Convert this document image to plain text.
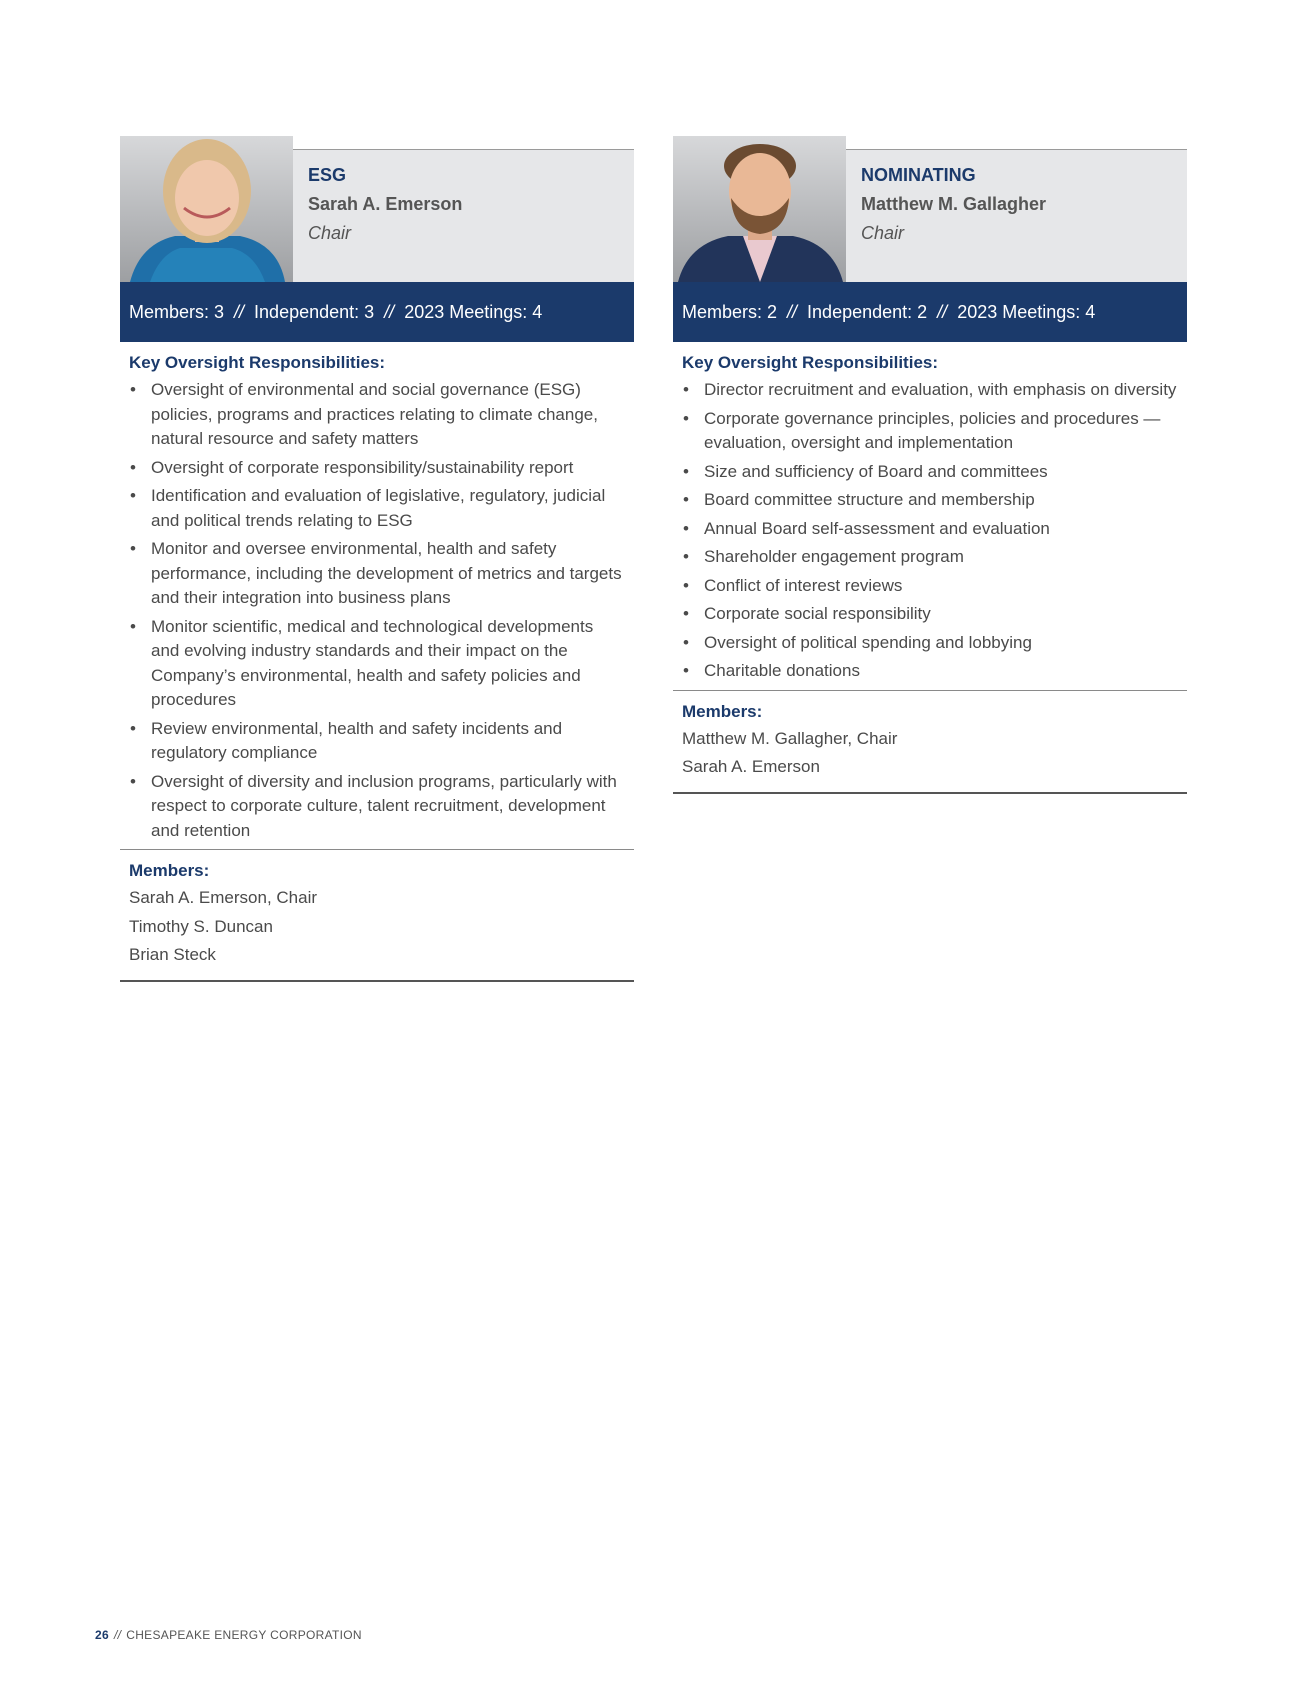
ESG
Sarah A. Emerson
Chair
Members: 3 // Independent: 3 // 2023 Meetings: 4
Key Oversight Responsibilities:
• Oversight of environmental and social governance (ESG) policies, programs and practices relating to climate change, natural resource and safety matters
• Oversight of corporate responsibility/sustainability report
• Identification and evaluation of legislative, regulatory, judicial and political trends relating to ESG
• Monitor and oversee environmental, health and safety performance, including the development of metrics and targets and their integration into business plans
• Monitor scientific, medical and technological developments and evolving industry standards and their impact on the Company’s environmental, health and safety policies and procedures
• Review environmental, health and safety incidents and regulatory compliance
• Oversight of diversity and inclusion programs, particularly with respect to corporate culture, talent recruitment, development and retention
Members:
Sarah A. Emerson, Chair
Timothy S. Duncan
Brian Steck
NOMINATING
Matthew M. Gallagher
Chair
Members: 2 // Independent: 2 // 2023 Meetings: 4
Key Oversight Responsibilities:
• Director recruitment and evaluation, with emphasis on diversity
• Corporate governance principles, policies and procedures — evaluation, oversight and implementation
• Size and sufficiency of Board and committees
• Board committee structure and membership
• Annual Board self-assessment and evaluation
• Shareholder engagement program
• Conflict of interest reviews
• Corporate social responsibility
• Oversight of political spending and lobbying
• Charitable donations
Members:
Matthew M. Gallagher, Chair
Sarah A. Emerson
26 // CHESAPEAKE ENERGY CORPORATION
